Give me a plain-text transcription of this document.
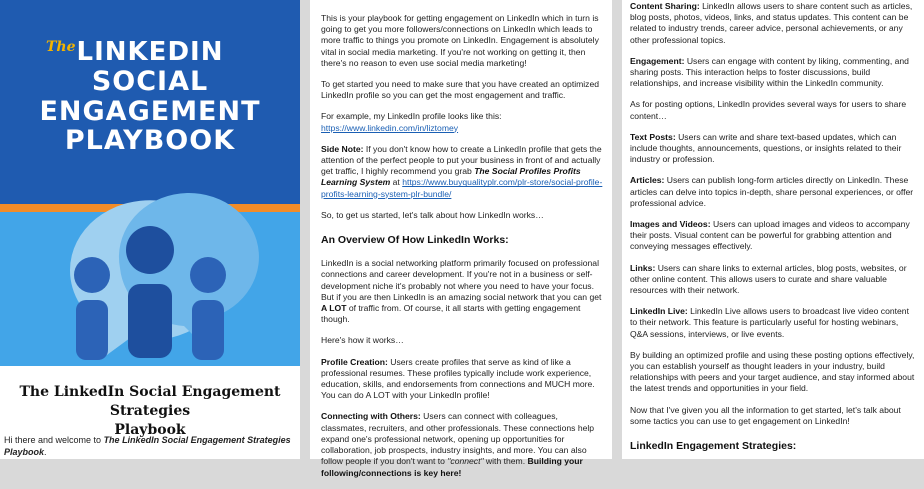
The LINKEDIN
SOCIAL
ENGAGEMENT
PLAYBOOK
The LinkedIn Social Engagement Strategies
Playbook
Hi there and welcome to The LinkedIn Social Engagement Strategies Playbook.

This is your playbook for getting engagement on LinkedIn which in turn is going to get you more followers/connections on LinkedIn which leads to more traffic to things you promote on LinkedIn. Engagement is absolutely vital in social media marketing. If you're not working on getting it, then there's no reason to even use social media marketing!

To get started you need to make sure that you have created an optimized LinkedIn profile so you can get the most engagement and traffic.

For example, my LinkedIn profile looks like this:
https://www.linkedin.com/in/liztomey

Side Note: If you don't know how to create a LinkedIn profile that gets the attention of the perfect people to put your business in front of and actually get traffic, I highly recommend you grab The Social Profiles Profits Learning System at https://www.buyqualityplr.com/plr-store/social-profile-profits-learning-system-plr-bundle/

So, to get us started, let's talk about how LinkedIn works…

An Overview Of How LinkedIn Works:

LinkedIn is a social networking platform primarily focused on professional connections and career development. If you're not in a business or self-development niche it's probably not where you need to have your focus. But if you are then LinkedIn is an amazing social network that you can get A LOT of traffic from. Of course, it all starts with getting engagement though.

Here's how it works…

Profile Creation: Users create profiles that serve as kind of like a professional resumes. These profiles typically include work experience, education, skills, and endorsements from connections and MUCH more. You can do A LOT with your LinkedIn profile!

Connecting with Others: Users can connect with colleagues, classmates, recruiters, and other professionals. These connections help expand one's professional network, opening up opportunities for collaboration, job prospects, industry insights, and more. You can also follow people if you don't want to "connect" with them. Building your following/connections is key here!

Content Sharing: LinkedIn allows users to share content such as articles, blog posts, photos, videos, links, and status updates. This content can be related to industry trends, career advice, personal achievements, or any other professional topics.

Engagement: Users can engage with content by liking, commenting, and sharing posts. This interaction helps to foster discussions, build relationships, and increase visibility within the LinkedIn community.

As for posting options, LinkedIn provides several ways for users to share content…

Text Posts: Users can write and share text-based updates, which can include thoughts, announcements, questions, or insights related to their industry or profession.

Articles: Users can publish long-form articles directly on LinkedIn. These articles can delve into topics in-depth, share personal experiences, or offer professional advice.

Images and Videos: Users can upload images and videos to accompany their posts. Visual content can be powerful for grabbing attention and conveying messages effectively.

Links: Users can share links to external articles, blog posts, websites, or other online content. This allows users to curate and share valuable resources with their network.

LinkedIn Live: LinkedIn Live allows users to broadcast live video content to their network. This feature is particularly useful for hosting webinars, Q&A sessions, interviews, or live events.

By building an optimized profile and using these posting options effectively, you can establish yourself as thought leaders in your industry, build relationships with peers and your target audience, and stay informed about the latest trends and opportunities in your field.

Now that I've given you all the information to get started, let's talk about some tactics you can use to get engagement on LinkedIn!

LinkedIn Engagement Strategies:
